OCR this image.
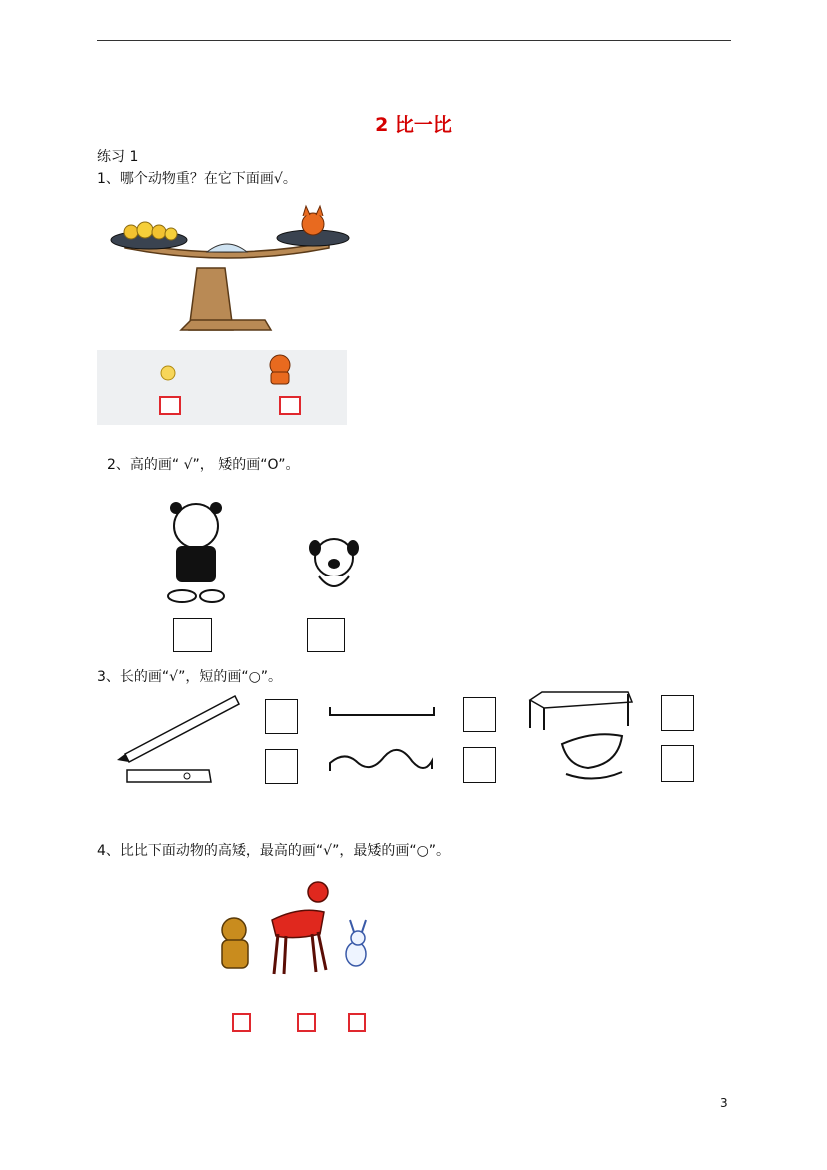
2 比一比
练习 1
1、哪个动物重？在它下面画√。
2、高的画“ √”， 矮的画“O”。
3、长的画“√”，短的画“○”。
4、比比下面动物的高矮，最高的画“√”，最矮的画“○”。
3
